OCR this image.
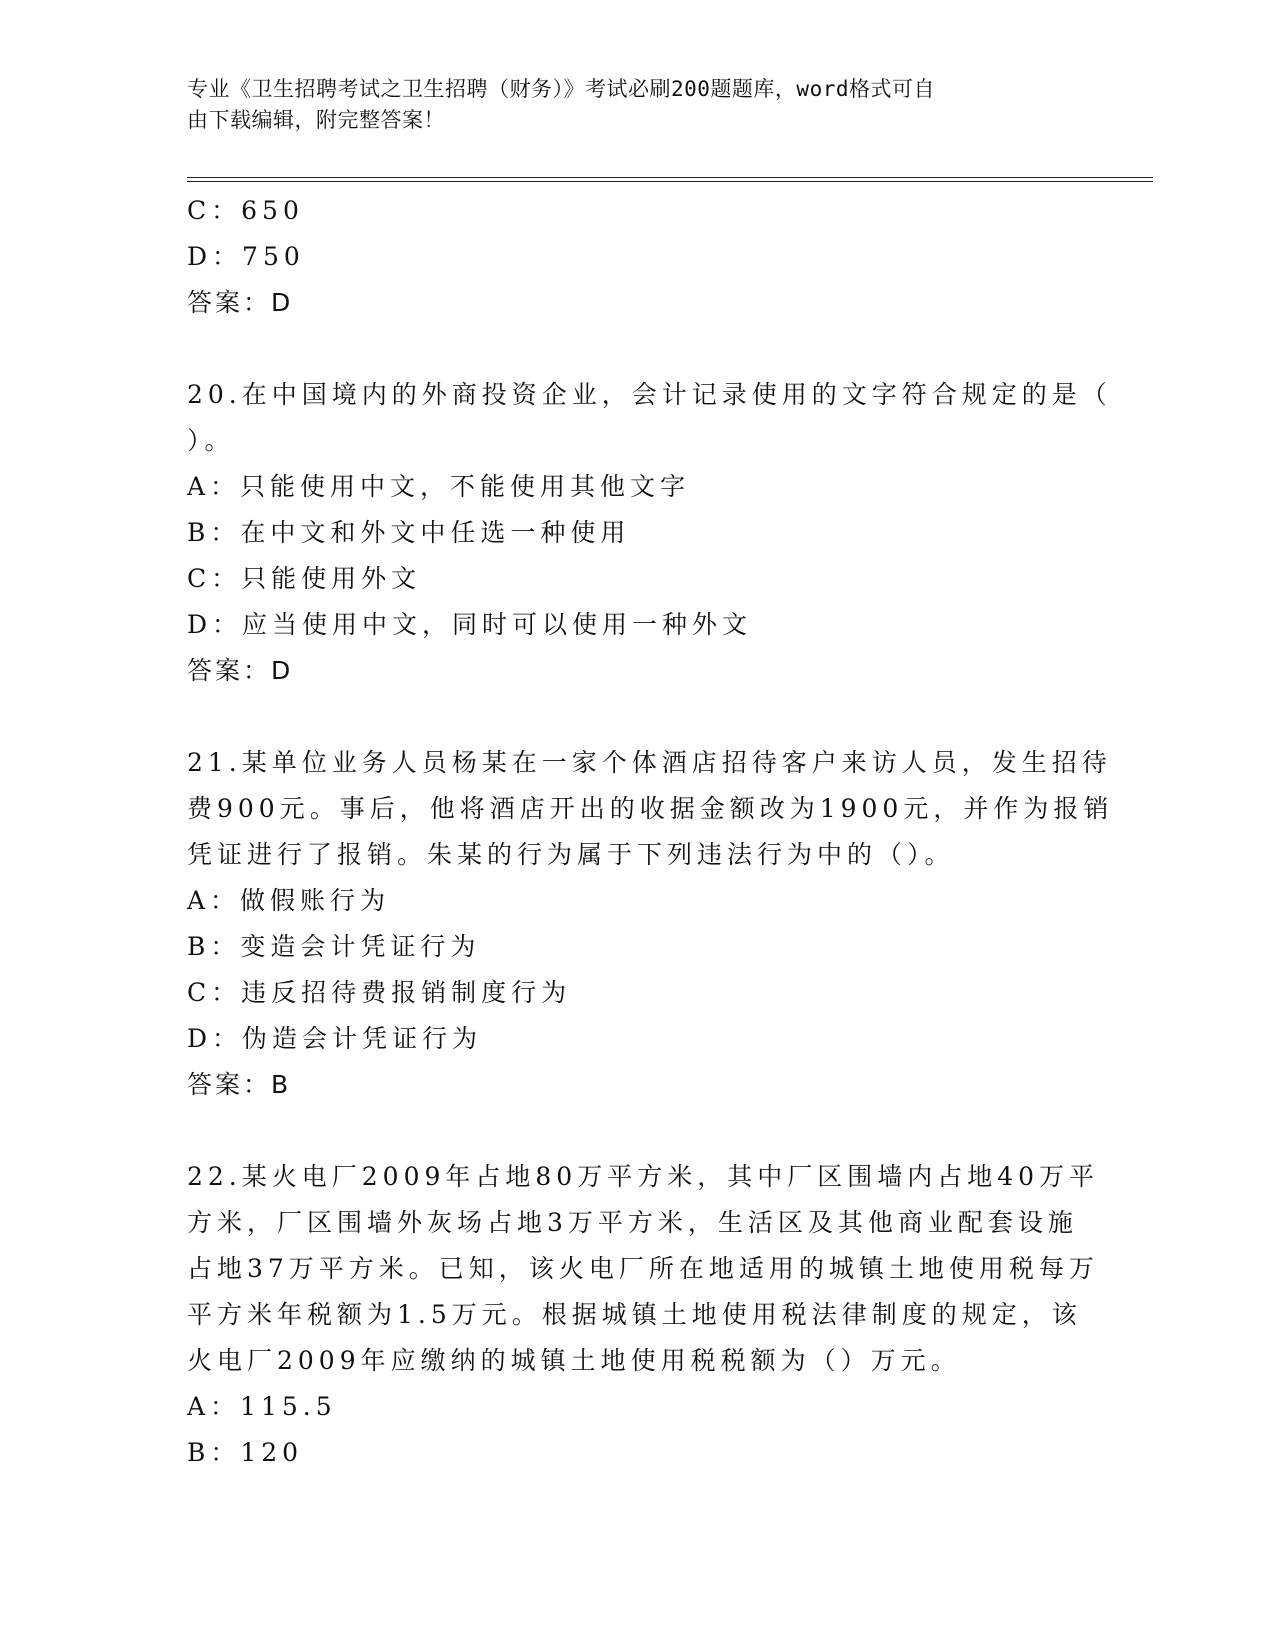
专业《卫生招聘考试之卫生招聘（财务）》考试必刷200题题库，word格式可自
由下载编辑，附完整答案！
C：650
D：750
答案：D
20.在中国境内的外商投资企业，会计记录使用的文字符合规定的是（
）。
A：只能使用中文，不能使用其他文字
B：在中文和外文中任选一种使用
C：只能使用外文
D：应当使用中文，同时可以使用一种外文
答案：D
21.某单位业务人员杨某在一家个体酒店招待客户来访人员，发生招待
费900元。事后，他将酒店开出的收据金额改为1900元，并作为报销
凭证进行了报销。朱某的行为属于下列违法行为中的（）。
A：做假账行为
B：变造会计凭证行为
C：违反招待费报销制度行为
D：伪造会计凭证行为
答案：B
22.某火电厂2009年占地80万平方米，其中厂区围墙内占地40万平
方米，厂区围墙外灰场占地3万平方米，生活区及其他商业配套设施
占地37万平方米。已知，该火电厂所在地适用的城镇土地使用税每万
平方米年税额为1.5万元。根据城镇土地使用税法律制度的规定，该
火电厂2009年应缴纳的城镇土地使用税税额为（）万元。
A：115.5
B：120
